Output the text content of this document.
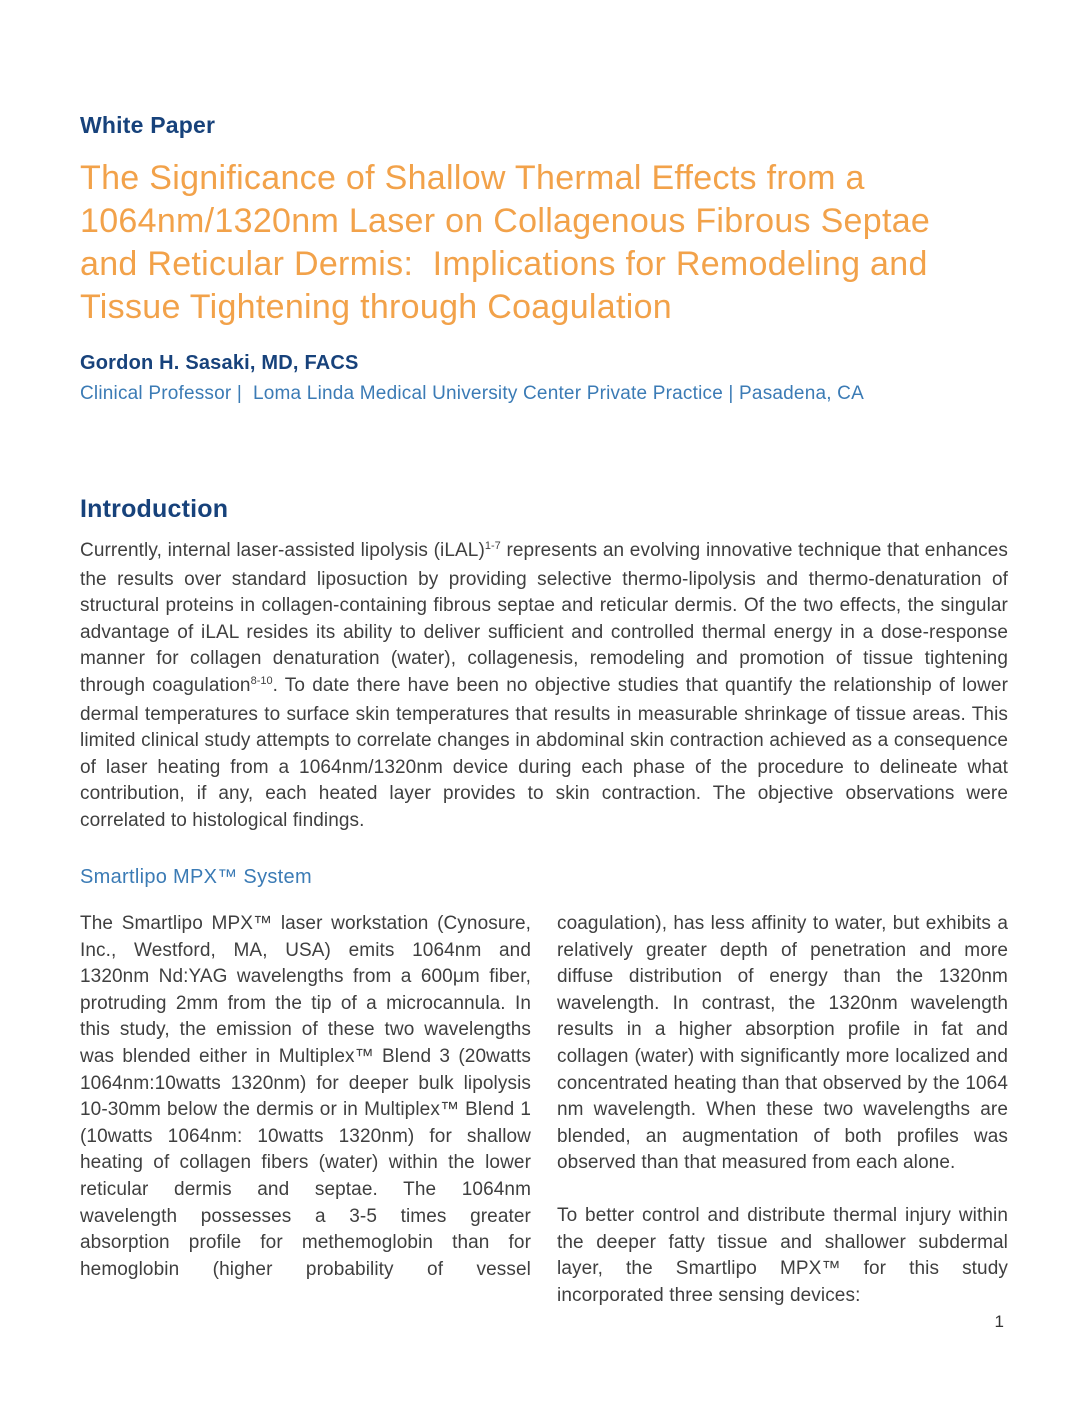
White Paper
The Significance of Shallow Thermal Effects from a
1064nm/1320nm Laser on Collagenous Fibrous Septae
and Reticular Dermis:  Implications for Remodeling and
Tissue Tightening through Coagulation
Gordon H. Sasaki, MD, FACS
Clinical Professor |  Loma Linda Medical University Center Private Practice | Pasadena, CA
Introduction

Currently, internal laser-assisted lipolysis (iLAL)$^{1-7}$ represents an evolving innovative technique that enhances the results over standard liposuction by providing selective thermo-lipolysis and thermo-denaturation of structural proteins in collagen-containing fibrous septae and reticular dermis. Of the two effects, the singular advantage of iLAL resides its ability to deliver sufficient and controlled thermal energy in a dose-response manner for collagen denaturation (water), collagenesis, remodeling and promotion of tissue tightening through coagulation$^{8-10}$. To date there have been no objective studies that quantify the relationship of lower dermal temperatures to surface skin temperatures that results in measurable shrinkage of tissue areas. This limited clinical study attempts to correlate changes in abdominal skin contraction achieved as a consequence of laser heating from a 1064nm/1320nm device during each phase of the procedure to delineate what contribution, if any, each heated layer provides to skin contraction. The objective observations were correlated to histological findings.

Smartlipo MPX™ System

The Smartlipo MPX™ laser workstation (Cynosure, Inc., Westford, MA, USA) emits 1064nm and 1320nm Nd:YAG wavelengths from a 600μm fiber, protruding 2mm from the tip of a microcannula. In this study, the emission of these two wavelengths was blended either in Multiplex™ Blend 3 (20watts 1064nm:10watts 1320nm) for deeper bulk lipolysis 10-30mm below the dermis or in Multiplex™ Blend 1 (10watts 1064nm: 10watts 1320nm) for shallow heating of collagen fibers (water) within the lower reticular dermis and septae. The 1064nm wavelength possesses a 3-5 times greater absorption profile for methemoglobin than for hemoglobin (higher probability of vessel coagulation), has less affinity to water, but exhibits a relatively greater depth of penetration and more diffuse distribution of energy than the 1320nm wavelength. In contrast, the 1320nm wavelength results in a higher absorption profile in fat and collagen (water) with significantly more localized and concentrated heating than that observed by the 1064 nm wavelength. When these two wavelengths are blended, an augmentation of both profiles was observed than that measured from each alone.

To better control and distribute thermal injury within the deeper fatty tissue and shallower subdermal layer, the Smartlipo MPX™ for this study incorporated three sensing devices:

1
